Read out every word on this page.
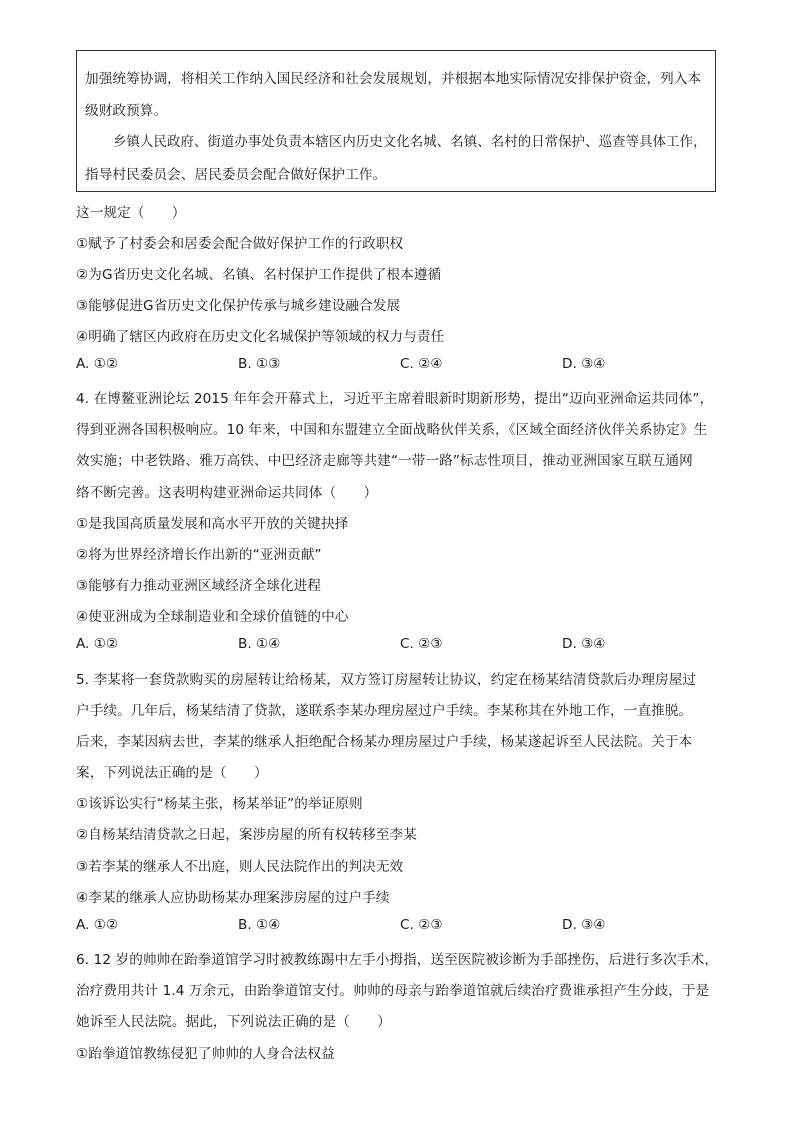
加强统筹协调，将相关工作纳入国民经济和社会发展规划，并根据本地实际情况安排保护资金，列入本
级财政预算。
乡镇人民政府、街道办事处负责本辖区内历史文化名城、名镇、名村的日常保护、巡查等具体工作，
指导村民委员会、居民委员会配合做好保护工作。
这一规定（　　）
①赋予了村委会和居委会配合做好保护工作的行政职权
②为G省历史文化名城、名镇、名村保护工作提供了根本遵循
③能够促进G省历史文化保护传承与城乡建设融合发展
④明确了辖区内政府在历史文化名城保护等领域的权力与责任
A. ①②	B. ①③	C. ②④	D. ③④
4. 在博鳌亚洲论坛 2015 年年会开幕式上，习近平主席着眼新时期新形势，提出“迈向亚洲命运共同体”，
得到亚洲各国积极响应。10 年来，中国和东盟建立全面战略伙伴关系，《区域全面经济伙伴关系协定》生
效实施；中老铁路、雅万高铁、中巴经济走廊等共建“一带一路”标志性项目，推动亚洲国家互联互通网
络不断完善。这表明构建亚洲命运共同体（　　）
①是我国高质量发展和高水平开放的关键抉择
②将为世界经济增长作出新的“亚洲贡献”
③能够有力推动亚洲区域经济全球化进程
④使亚洲成为全球制造业和全球价值链的中心
A. ①②	B. ①④	C. ②③	D. ③④
5. 李某将一套贷款购买的房屋转让给杨某，双方签订房屋转让协议，约定在杨某结清贷款后办理房屋过
户手续。几年后，杨某结清了贷款，遂联系李某办理房屋过户手续。李某称其在外地工作，一直推脱。
后来，李某因病去世，李某的继承人拒绝配合杨某办理房屋过户手续，杨某遂起诉至人民法院。关于本
案，下列说法正确的是（　　）
①该诉讼实行“杨某主张，杨某举证”的举证原则
②自杨某结清贷款之日起，案涉房屋的所有权转移至李某
③若李某的继承人不出庭，则人民法院作出的判决无效
④李某的继承人应协助杨某办理案涉房屋的过户手续
A. ①②	B. ①④	C. ②③	D. ③④
6. 12 岁的帅帅在跆拳道馆学习时被教练踢中左手小拇指，送至医院被诊断为手部挫伤，后进行多次手术，
治疗费用共计 1.4 万余元，由跆拳道馆支付。帅帅的母亲与跆拳道馆就后续治疗费谁承担产生分歧，于是
她诉至人民法院。据此，下列说法正确的是（　　）
①跆拳道馆教练侵犯了帅帅的人身合法权益
